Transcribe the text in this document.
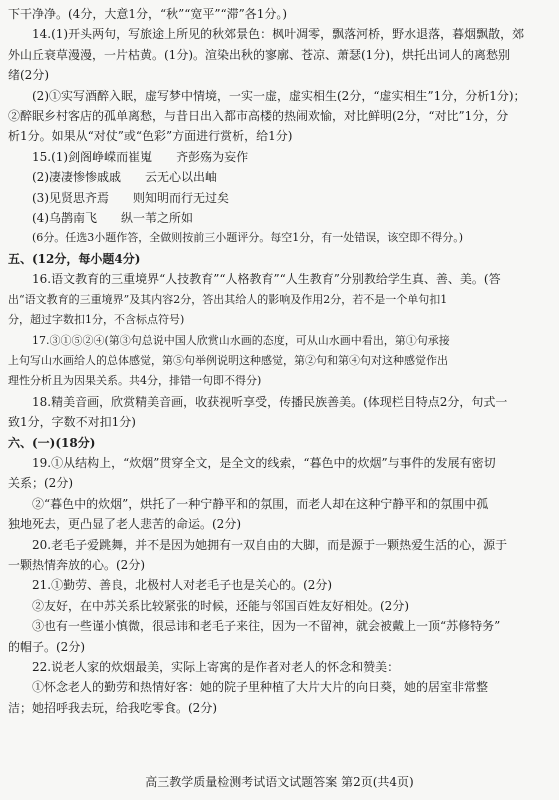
下干净净。(4分，大意1分，“秋”“宽平”“滞”各1分。)

14.(1)开头两句，写旅途上所见的秋郊景色：枫叶凋零，飘落河桥，野水退落，暮烟飘散，郊

外山丘衰草漫漫，一片枯黄。(1分)。渲染出秋的寥廓、苍凉、萧瑟(1分)，烘托出词人的离愁别

绪(2分)

(2)①实写酒醉入眠，虚写梦中情境，一实一虚，虚实相生(2分，“虚实相生”1分，分析1分)；

②醉眠乡村客店的孤单离愁，与昔日出入都市高楼的热闹欢愉，对比鲜明(2分，“对比”1分，分

析1分。如果从“对仗”或“色彩”方面进行赏析，给1分)

15.(1)剑阁峥嵘而崔嵬　　齐彭殇为妄作

(2)凄凄惨惨戚戚　　云无心以出岫

(3)见贤思齐焉　　则知明而行无过矣

(4)乌鹊南飞　　纵一苇之所如

(6分。任选3小题作答，全做则按前三小题评分。每空1分，有一处错误，该空即不得分。)

五、(12分，每小题4分)

16.语文教育的三重境界“人技教育”“人格教育”“人生教育”分别教给学生真、善、美。(答

出“语文教育的三重境界”及其内容2分，答出其给人的影响及作用2分，若不是一个单句扣1

分，超过字数扣1分，不含标点符号)

17.③①⑤②④(第③句总说中国人欣赏山水画的态度，可从山水画中看出，第①句承接

上句写山水画给人的总体感觉，第⑤句举例说明这种感觉，第②句和第④句对这种感觉作出

理性分析且为因果关系。共4分，排错一句即不得分)

18.精美音画，欣赏精美音画，收获视听享受，传播民族善美。(体现栏目特点2分，句式一

致1分，字数不对扣1分)

六、(一)(18分)

19.①从结构上，“炊烟”贯穿全文，是全文的线索，“暮色中的炊烟”与事件的发展有密切

关系；(2分)

②“暮色中的炊烟”，烘托了一种宁静平和的氛围，而老人却在这种宁静平和的氛围中孤

独地死去，更凸显了老人悲苦的命运。(2分)

20.老毛子爱跳舞，并不是因为她拥有一双自由的大脚，而是源于一颗热爱生活的心，源于

一颗热情奔放的心。(2分)

21.①勤劳、善良，北极村人对老毛子也是关心的。(2分)

②友好，在中苏关系比较紧张的时候，还能与邻国百姓友好相处。(2分)

③也有一些谨小慎微，很忌讳和老毛子来往，因为一不留神，就会被戴上一顶“苏修特务”

的帽子。(2分)

22.说老人家的炊烟最美，实际上寄寓的是作者对老人的怀念和赞美：

①怀念老人的勤劳和热情好客：她的院子里种植了大片大片的向日葵，她的居室非常整

洁；她招呼我去玩，给我吃零食。(2分)

高三教学质量检测考试语文试题答案 第2页(共4页)
